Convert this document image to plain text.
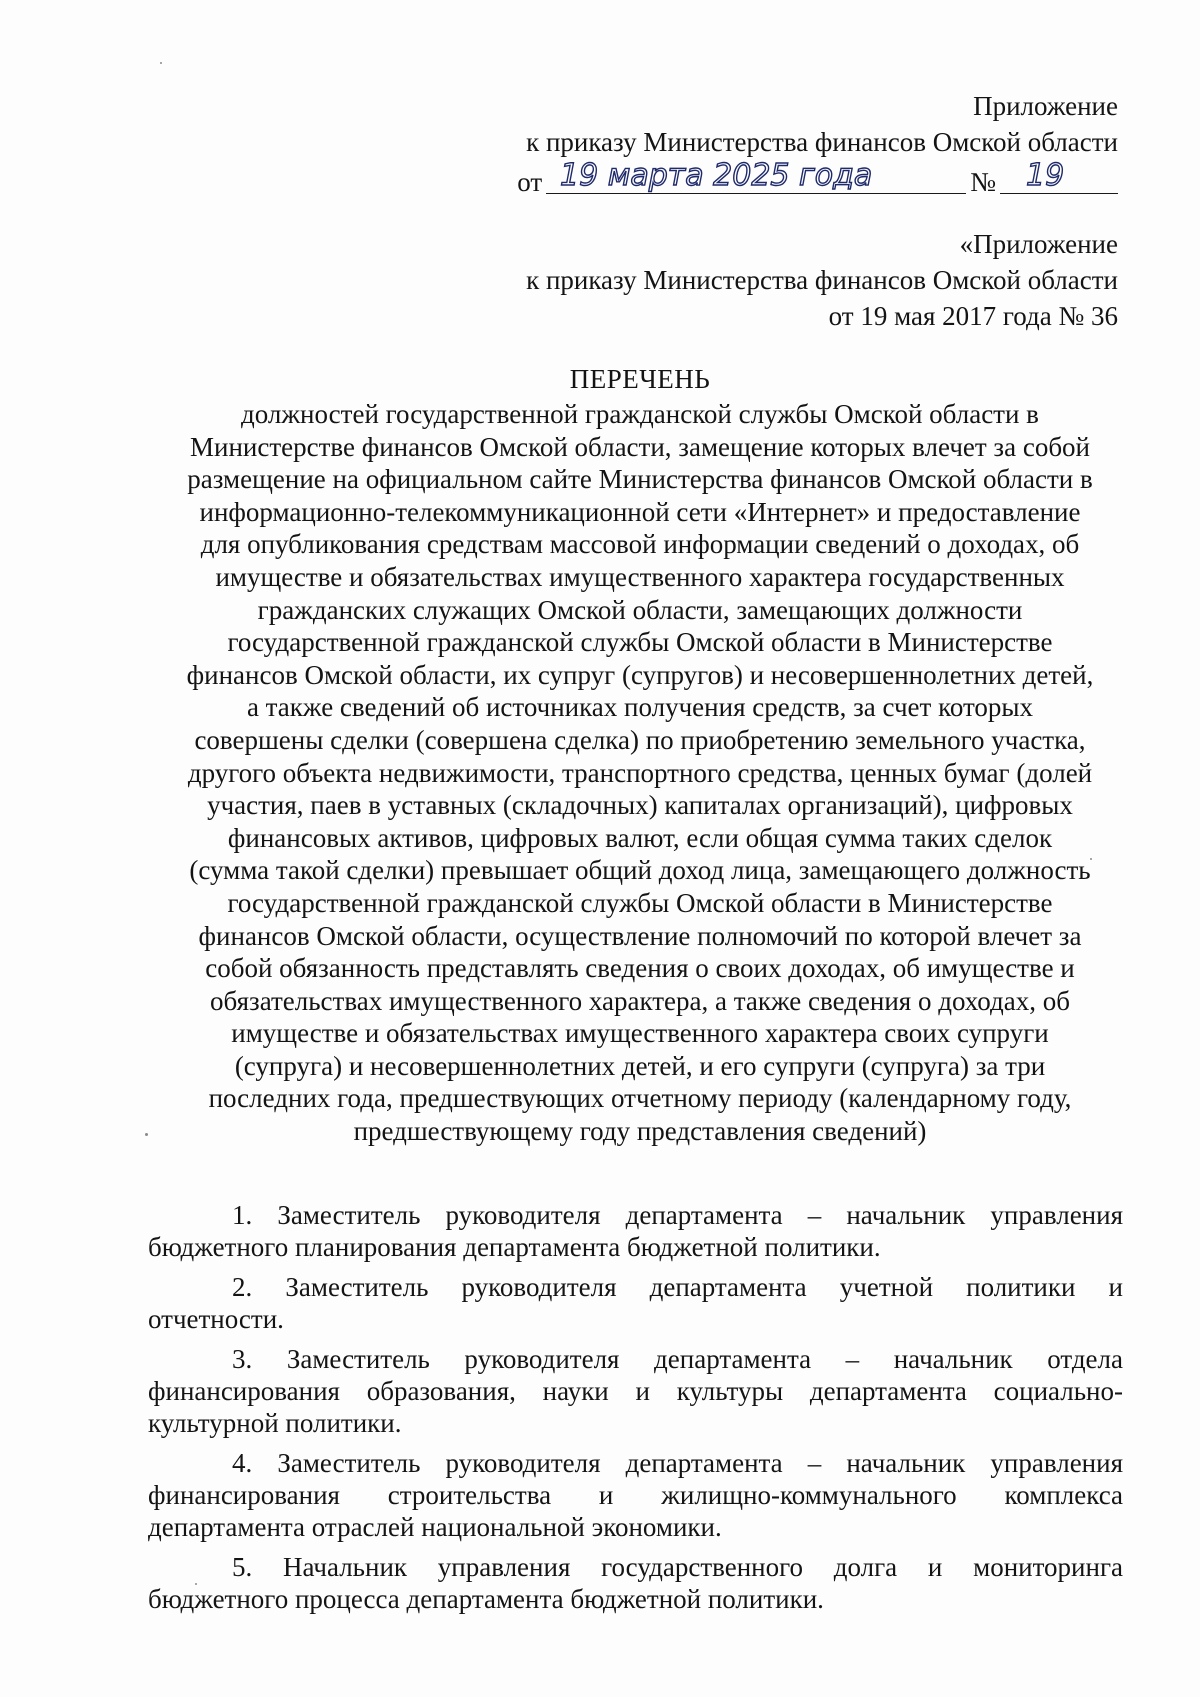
Приложение
к приказу Министерства финансов Омской области
от 19 марта 2025 года	№ 19
«Приложение
к приказу Министерства финансов Омской области
от 19 мая 2017 года № 36
ПЕРЕЧЕНЬ
должностей государственной гражданской службы Омской области в
Министерстве финансов Омской области, замещение которых влечет за собой
размещение на официальном сайте Министерства финансов Омской области в
информационно-телекоммуникационной сети «Интернет» и предоставление
для опубликования средствам массовой информации сведений о доходах, об
имуществе и обязательствах имущественного характера государственных
гражданских служащих Омской области, замещающих должности
государственной гражданской службы Омской области в Министерстве
финансов Омской области, их супруг (супругов) и несовершеннолетних детей,
а также сведений об источниках получения средств, за счет которых
совершены сделки (совершена сделка) по приобретению земельного участка,
другого объекта недвижимости, транспортного средства, ценных бумаг (долей
участия, паев в уставных (складочных) капиталах организаций), цифровых
финансовых активов, цифровых валют, если общая сумма таких сделок
(сумма такой сделки) превышает общий доход лица, замещающего должность
государственной гражданской службы Омской области в Министерстве
финансов Омской области, осуществление полномочий по которой влечет за
собой обязанность представлять сведения о своих доходах, об имуществе и
обязательствах имущественного характера, а также сведения о доходах, об
имуществе и обязательствах имущественного характера своих супруги
(супруга) и несовершеннолетних детей, и его супруги (супруга) за три
последних года, предшествующих отчетному периоду (календарному году,
предшествующему году представления сведений)
1. Заместитель руководителя департамента – начальник управления
бюджетного планирования департамента бюджетной политики.
2. Заместитель руководителя департамента учетной политики и
отчетности.
3. Заместитель руководителя департамента – начальник отдела
финансирования образования, науки и культуры департамента социально-
культурной политики.
4. Заместитель руководителя департамента – начальник управления
финансирования строительства и жилищно-коммунального комплекса
департамента отраслей национальной экономики.
5. Начальник управления государственного долга и мониторинга
бюджетного процесса департамента бюджетной политики.
